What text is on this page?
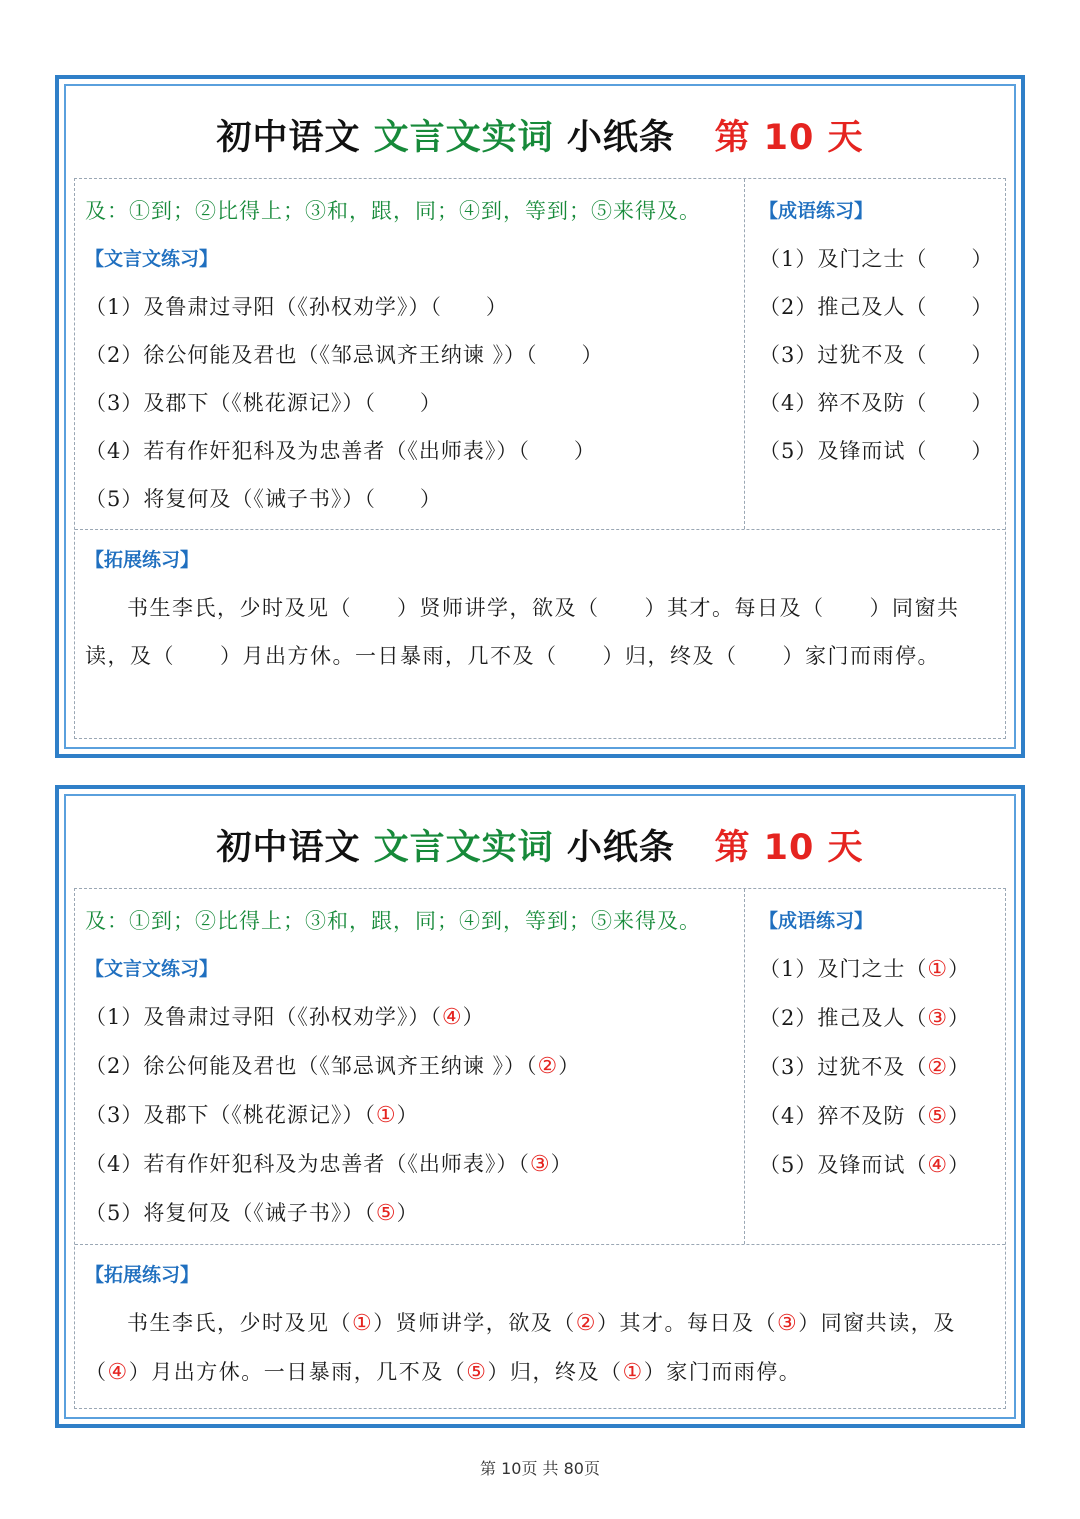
初中语文
文言文实词
小纸条
第 10 天
及：①到；②比得上；③和，跟，同；④到，等到；⑤来得及。
【文言文练习】
（1）及鲁肃过寻阳（《孙权劝学》）（　　）
（2）徐公何能及君也（《邹忌讽齐王纳谏 》）（　　）
（3）及郡下（《桃花源记》）（　　）
（4）若有作奸犯科及为忠善者（《出师表》）（　　）
（5）将复何及（《诫子书》）（　　）
【成语练习】
（1）及门之士（　　）
（2）推己及人（　　）
（3）过犹不及（　　）
（4）猝不及防（　　）
（5）及锋而试（　　）
【拓展练习】
书生李氏，少时及见（　　）贤师讲学，欲及（　　）其才。每日及（　　）同窗共读，及（　　）月出方休。一日暴雨，几不及（　　）归，终及（　　）家门而雨停。
初中语文
文言文实词
小纸条
第 10 天
及：①到；②比得上；③和，跟，同；④到，等到；⑤来得及。
【文言文练习】
（1）及鲁肃过寻阳（《孙权劝学》）（④）
（2）徐公何能及君也（《邹忌讽齐王纳谏 》）（②）
（3）及郡下（《桃花源记》）（①）
（4）若有作奸犯科及为忠善者（《出师表》）（③）
（5）将复何及（《诫子书》）（⑤）
【成语练习】
（1）及门之士（①）
（2）推己及人（③）
（3）过犹不及（②）
（4）猝不及防（⑤）
（5）及锋而试（④）
【拓展练习】
书生李氏，少时及见（①）贤师讲学，欲及（②）其才。每日及（③）同窗共读，及（④）月出方休。一日暴雨，几不及（⑤）归，终及（①）家门而雨停。
第 10页 共 80页
